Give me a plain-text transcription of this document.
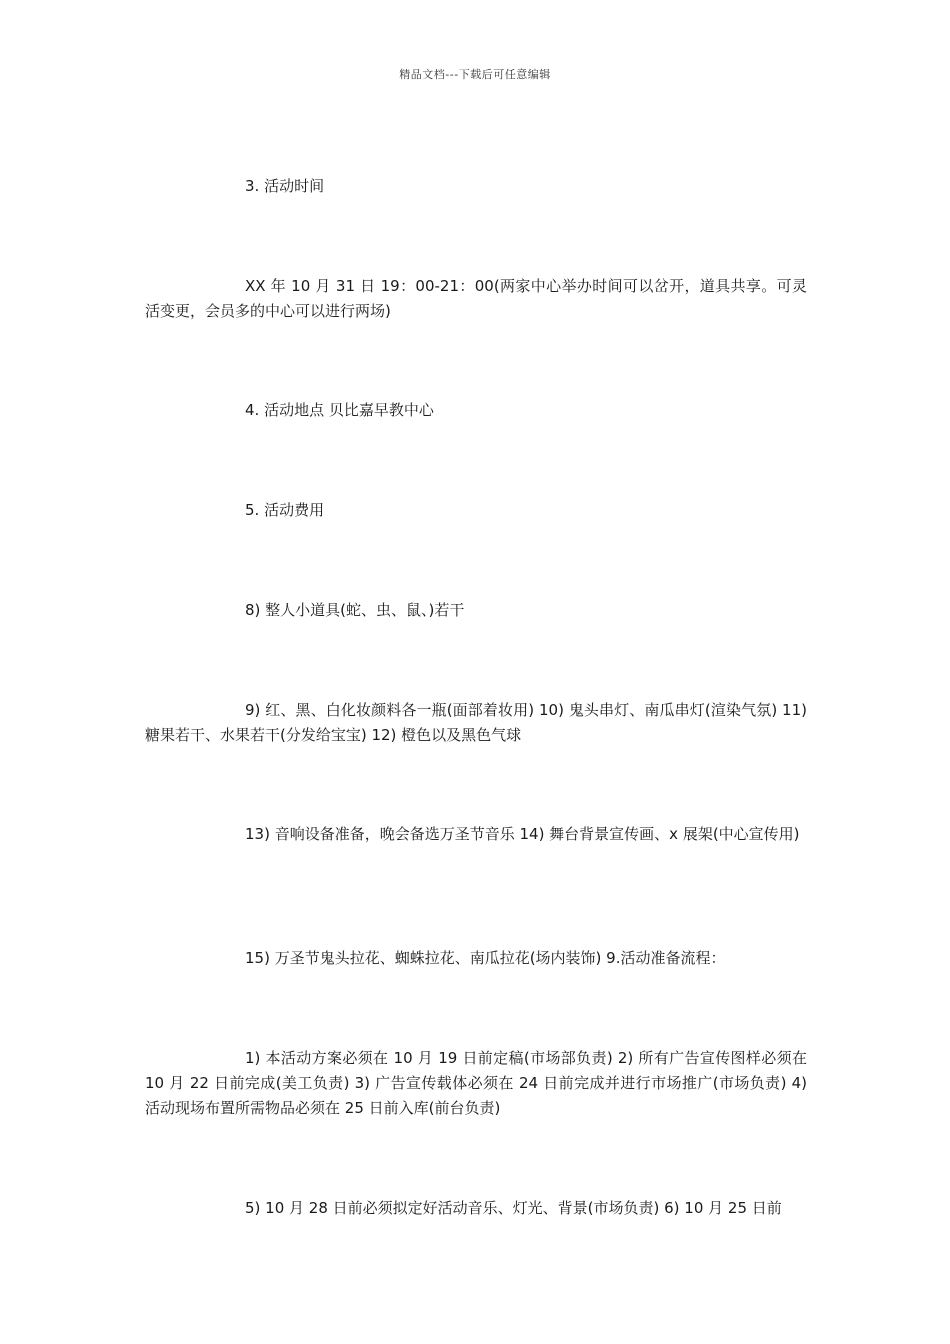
精品文档---下载后可任意编辑

3. 活动时间

XX 年 10 月 31 日 19：00-21：00(两家中心举办时间可以岔开，道具共享。可灵活变更，会员多的中心可以进行两场)

4. 活动地点 贝比嘉早教中心

5. 活动费用

8) 整人小道具(蛇、虫、鼠、)若干

9) 红、黑、白化妆颜料各一瓶(面部着妆用) 10) 鬼头串灯、南瓜串灯(渲染气氛) 11) 糖果若干、水果若干(分发给宝宝) 12) 橙色以及黑色气球

13) 音响设备准备，晚会备选万圣节音乐 14) 舞台背景宣传画、x 展架(中心宣传用)

15) 万圣节鬼头拉花、蜘蛛拉花、南瓜拉花(场内装饰) 9.活动准备流程：

1) 本活动方案必须在 10 月 19 日前定稿(市场部负责) 2) 所有广告宣传图样必须在 10 月 22 日前完成(美工负责) 3) 广告宣传载体必须在 24 日前完成并进行市场推广(市场负责) 4) 活动现场布置所需物品必须在 25 日前入库(前台负责)

5) 10 月 28 日前必须拟定好活动音乐、灯光、背景(市场负责) 6) 10 月 25 日前
